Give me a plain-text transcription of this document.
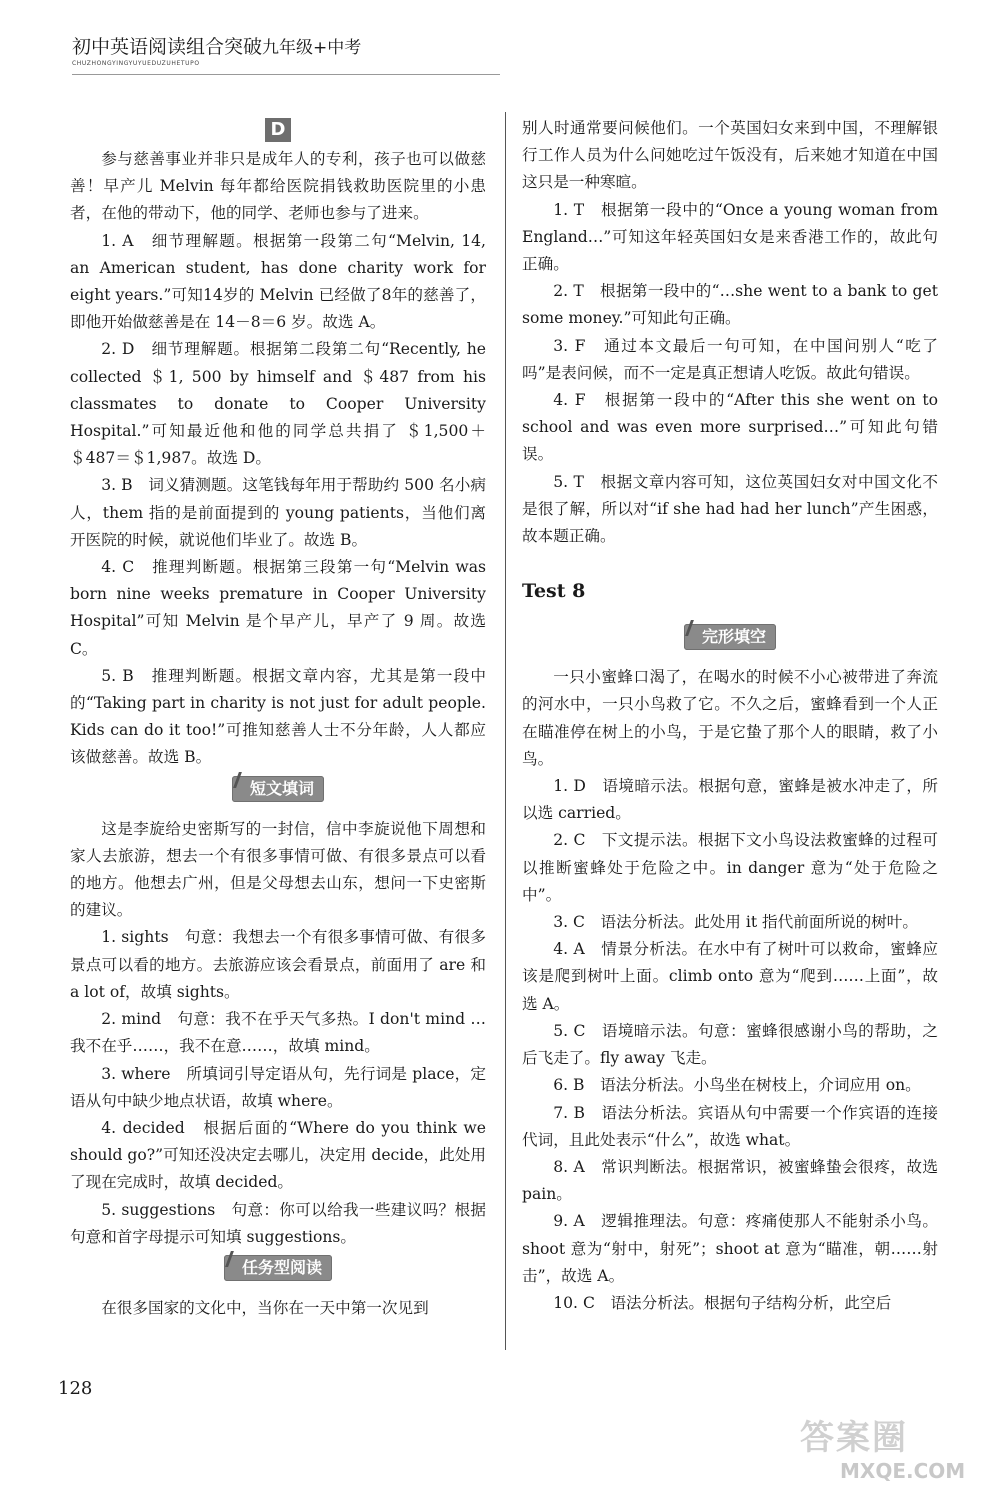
初中英语阅读组合突破九年级+中考
CHUZHONGYINGYUYUEDUZUHETUPO
D

参与慈善事业并非只是成年人的专利，孩子也可以做慈善！早产儿 Melvin 每年都给医院捐钱救助医院里的小患者，在他的带动下，他的同学、老师也参与了进来。

1. A　细节理解题。根据第一段第二句“Melvin, 14, an American student, has done charity work for eight years.”可知14岁的 Melvin 已经做了8年的慈善了，即他开始做慈善是在 14－8＝6 岁。故选 A。

2. D　细节理解题。根据第二段第二句“Recently, he collected ＄1, 500 by himself and ＄487 from his classmates to donate to Cooper University Hospital.”可知最近他和他的同学总共捐了 ＄1,500＋＄487＝＄1,987。故选 D。

3. B　词义猜测题。这笔钱每年用于帮助约 500 名小病人，them 指的是前面提到的 young patients，当他们离开医院的时候，就说他们毕业了。故选 B。

4. C　推理判断题。根据第三段第一句“Melvin was born nine weeks premature in Cooper University Hospital”可知 Melvin 是个早产儿，早产了 9 周。故选 C。

5. B　推理判断题。根据文章内容，尤其是第一段中的“Taking part in charity is not just for adult people. Kids can do it too!”可推知慈善人士不分年龄，人人都应该做慈善。故选 B。

短文填词

这是李旋给史密斯写的一封信，信中李旋说他下周想和家人去旅游，想去一个有很多事情可做、有很多景点可以看的地方。他想去广州，但是父母想去山东，想问一下史密斯的建议。

1. sights　句意：我想去一个有很多事情可做、有很多景点可以看的地方。去旅游应该会看景点，前面用了 are 和 a lot of，故填 sights。

2. mind　句意：我不在乎天气多热。I don't mind …我不在乎……，我不在意……，故填 mind。

3. where　所填词引导定语从句，先行词是 place，定语从句中缺少地点状语，故填 where。

4. decided　根据后面的“Where do you think we should go?”可知还没决定去哪儿，决定用 decide，此处用了现在完成时，故填 decided。

5. suggestions　句意：你可以给我一些建议吗？根据句意和首字母提示可知填 suggestions。

任务型阅读

在很多国家的文化中，当你在一天中第一次见到

别人时通常要问候他们。一个英国妇女来到中国，不理解银行工作人员为什么问她吃过午饭没有，后来她才知道在中国这只是一种寒暄。

1. T　根据第一段中的“Once a young woman from England…”可知这年轻英国妇女是来香港工作的，故此句正确。

2. T　根据第一段中的“…she went to a bank to get some money.”可知此句正确。

3. F　通过本文最后一句可知，在中国问别人“吃了吗”是表问候，而不一定是真正想请人吃饭。故此句错误。

4. F　根据第一段中的“After this she went on to school and was even more surprised…”可知此句错误。

5. T　根据文章内容可知，这位英国妇女对中国文化不是很了解，所以对“if she had had her lunch”产生困惑，故本题正确。

Test 8
完形填空

一只小蜜蜂口渴了，在喝水的时候不小心被带进了奔流的河水中，一只小鸟救了它。不久之后，蜜蜂看到一个人正在瞄准停在树上的小鸟，于是它蛰了那个人的眼睛，救了小鸟。

1. D　语境暗示法。根据句意，蜜蜂是被水冲走了，所以选 carried。

2. C　下文提示法。根据下文小鸟设法救蜜蜂的过程可以推断蜜蜂处于危险之中。in danger 意为“处于危险之中”。

3. C　语法分析法。此处用 it 指代前面所说的树叶。

4. A　情景分析法。在水中有了树叶可以救命，蜜蜂应该是爬到树叶上面。climb onto 意为“爬到……上面”，故选 A。

5. C　语境暗示法。句意：蜜蜂很感谢小鸟的帮助，之后飞走了。fly away 飞走。

6. B　语法分析法。小鸟坐在树枝上，介词应用 on。

7. B　语法分析法。宾语从句中需要一个作宾语的连接代词，且此处表示“什么”，故选 what。

8. A　常识判断法。根据常识，被蜜蜂蛰会很疼，故选 pain。

9. A　逻辑推理法。句意：疼痛使那人不能射杀小鸟。shoot 意为“射中，射死”；shoot at 意为“瞄准，朝……射击”，故选 A。

10. C　语法分析法。根据句子结构分析，此空后

128
答案圈
MXQE.COM
